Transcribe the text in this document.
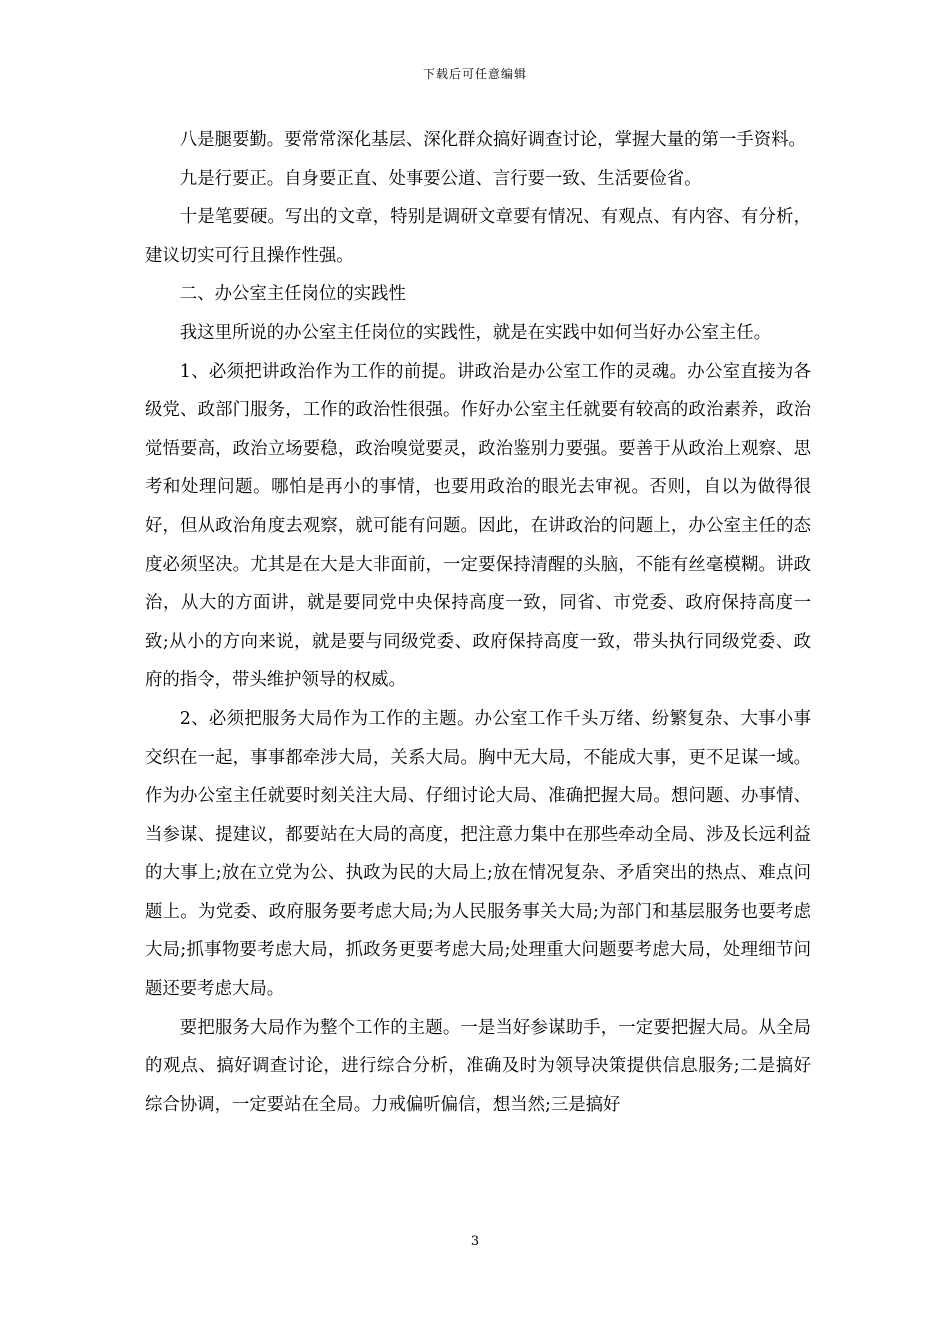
下载后可任意编辑

八是腿要勤。要常常深化基层、深化群众搞好调查讨论，掌握大量的第一手资料。

九是行要正。自身要正直、处事要公道、言行要一致、生活要俭省。

十是笔要硬。写出的文章，特别是调研文章要有情况、有观点、有内容、有分析，建议切实可行且操作性强。

二、办公室主任岗位的实践性

我这里所说的办公室主任岗位的实践性，就是在实践中如何当好办公室主任。

1、必须把讲政治作为工作的前提。讲政治是办公室工作的灵魂。办公室直接为各级党、政部门服务，工作的政治性很强。作好办公室主任就要有较高的政治素养，政治觉悟要高，政治立场要稳，政治嗅觉要灵，政治鉴别力要强。要善于从政治上观察、思考和处理问题。哪怕是再小的事情，也要用政治的眼光去审视。否则，自以为做得很好，但从政治角度去观察，就可能有问题。因此，在讲政治的问题上，办公室主任的态度必须坚决。尤其是在大是大非面前，一定要保持清醒的头脑，不能有丝毫模糊。讲政治，从大的方面讲，就是要同党中央保持高度一致，同省、市党委、政府保持高度一致;从小的方向来说，就是要与同级党委、政府保持高度一致，带头执行同级党委、政府的指令，带头维护领导的权威。

2、必须把服务大局作为工作的主题。办公室工作千头万绪、纷繁复杂、大事小事交织在一起，事事都牵涉大局，关系大局。胸中无大局，不能成大事，更不足谋一域。作为办公室主任就要时刻关注大局、仔细讨论大局、准确把握大局。想问题、办事情、当参谋、提建议，都要站在大局的高度，把注意力集中在那些牵动全局、涉及长远利益的大事上;放在立党为公、执政为民的大局上;放在情况复杂、矛盾突出的热点、难点问题上。为党委、政府服务要考虑大局;为人民服务事关大局;为部门和基层服务也要考虑大局;抓事物要考虑大局，抓政务更要考虑大局;处理重大问题要考虑大局，处理细节问题还要考虑大局。

要把服务大局作为整个工作的主题。一是当好参谋助手，一定要把握大局。从全局的观点、搞好调查讨论，进行综合分析，准确及时为领导决策提供信息服务;二是搞好综合协调，一定要站在全局。力戒偏听偏信，想当然;三是搞好

3
